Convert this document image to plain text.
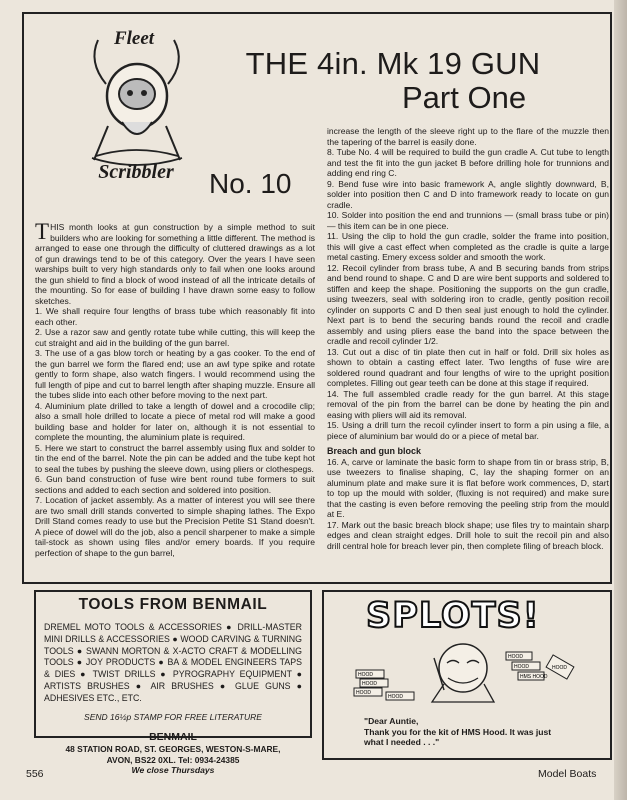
Fleet
Scribbler
THE 4in. Mk 19 GUN
Part One
No. 10

THIS month looks at gun construction by a simple method to suit builders who are looking for something a little different. The method is arranged to ease one through the difficulty of cluttered drawings as a lot of gun drawings tend to be of this category. Over the years I have seen warships built to very high standards only to fail when one looks around the gun shield to find a block of wood instead of all the intricate details of the mounting. So for ease of building I have drawn some easy to follow sketches.

1. We shall require four lengths of brass tube which reasonably fit into each other.

2. Use a razor saw and gently rotate tube while cutting, this will keep the cut straight and aid in the building of the gun barrel.

3. The use of a gas blow torch or heating by a gas cooker. To the end of the gun barrel we form the flared end; use an awl type spike and rotate gently to form shape, also watch fingers. I would recommend using the full length of pipe and cut to barrel length after shaping muzzle. Ensure all the tubes slide into each other before moving to the next part.

4. Aluminium plate drilled to take a length of dowel and a crocodile clip; also a small hole drilled to locate a piece of metal rod will make a good building base and holder for later on, although it is not essential to complete the mounting, the aluminium plate is required.

5. Here we start to construct the barrel assembly using flux and solder to tin the end of the barrel. Note the pin can be added and the tube kept hot to seal the tubes by pushing the sleeve down, using pliers or clothespegs.

6. Gun band construction of fuse wire bent round tube formers to suit sections and added to each section and soldered into position.

7. Location of jacket assembly. As a matter of interest you will see there are two small drill stands converted to simple shaping lathes. The Expo Drill Stand comes ready to use but the Precision Petite S1 Stand doesn't. A piece of dowel will do the job, also a pencil sharpener to make a simple tail-stock as shown using files and/or emery boards. If you require perfection of shape to the gun barrel,

increase the length of the sleeve right up to the flare of the muzzle then the tapering of the barrel is easily done.

8. Tube No. 4 will be required to build the gun cradle A. Cut tube to length and test the fit into the gun jacket B before drilling hole for trunnions and adding end ring C.

9. Bend fuse wire into basic framework A, angle slightly downward, B, solder into position then C and D into framework ready to locate on gun cradle.

10. Solder into position the end and trunnions — (small brass tube or pin) — this item can be in one piece.

11. Using the clip to hold the gun cradle, solder the frame into position, this will give a cast effect when completed as the cradle is quite a large metal casting. Emery excess solder and smooth the work.

12. Recoil cylinder from brass tube, A and B securing bands from strips and bend round to shape. C and D are wire bent supports and soldered to stiffen and keep the shape. Positioning the supports on the gun cradle, using tweezers, seal with soldering iron to cradle, gently position recoil cylinder on supports C and D then seal just enough to hold the cylinder. Next part is to bend the securing bands round the recoil and cradle assembly and using pliers ease the band into the space between the cradle and recoil cylinder 1/2.

13. Cut out a disc of tin plate then cut in half or fold. Drill six holes as shown to obtain a casting effect later. Two lengths of fuse wire are soldered round quadrant and four lengths of wire to the upright position completes. Filling out gear teeth can be done at this stage if required.

14. The full assembled cradle ready for the gun barrel. At this stage removal of the pin from the barrel can be done by heating the pin and easing with pliers will aid its removal.

15. Using a drill turn the recoil cylinder insert to form a pin using a file, a piece of aluminium bar would do or a piece of metal bar.

Breach and gun block

16. A, carve or laminate the basic form to shape from tin or brass strip, B, use tweezers to finalise shaping, C, lay the shaping former on an aluminum plate and make sure it is flat before work commences, D, start to top up the mould with solder, (fluxing is not required) and make sure that the casting is even before removing the peeling strip from the mould at E.

17. Mark out the basic breach block shape; use files try to maintain sharp edges and clean straight edges. Drill hole to suit the recoil pin and also drill central hole for breach lever pin, then complete filing of breach block.

TOOLS FROM BENMAIL
DREMEL MOTO TOOLS & ACCESSORIES ● DRILL-MASTER MINI DRILLS & ACCESSORIES ● WOOD CARVING & TURNING TOOLS ● SWANN MORTON & X-ACTO CRAFT & MODELLING TOOLS ● JOY PRODUCTS ● BA & MODEL ENGINEERS TAPS & DIES ● TWIST DRILLS ● PYROGRAPHY EQUIPMENT ● ARTISTS BRUSHES ● AIR BRUSHES ● GLUE GUNS ● ADHESIVES ETC., ETC.
SEND 16½p STAMP FOR FREE LITERATURE
BENMAIL
48 STATION ROAD, ST. GEORGES, WESTON-S-MARE,
AVON, BS22 0XL. Tel: 0934-24385
We close Thursdays
SPLOTS!
HOOD
HOOD
HOOD
HOOD
HOOD
HOOD
HMS HOOD
HOOD
"Dear Auntie,
Thank you for the kit of HMS Hood. It was just
what I needed . . ."
556	Model Boats
